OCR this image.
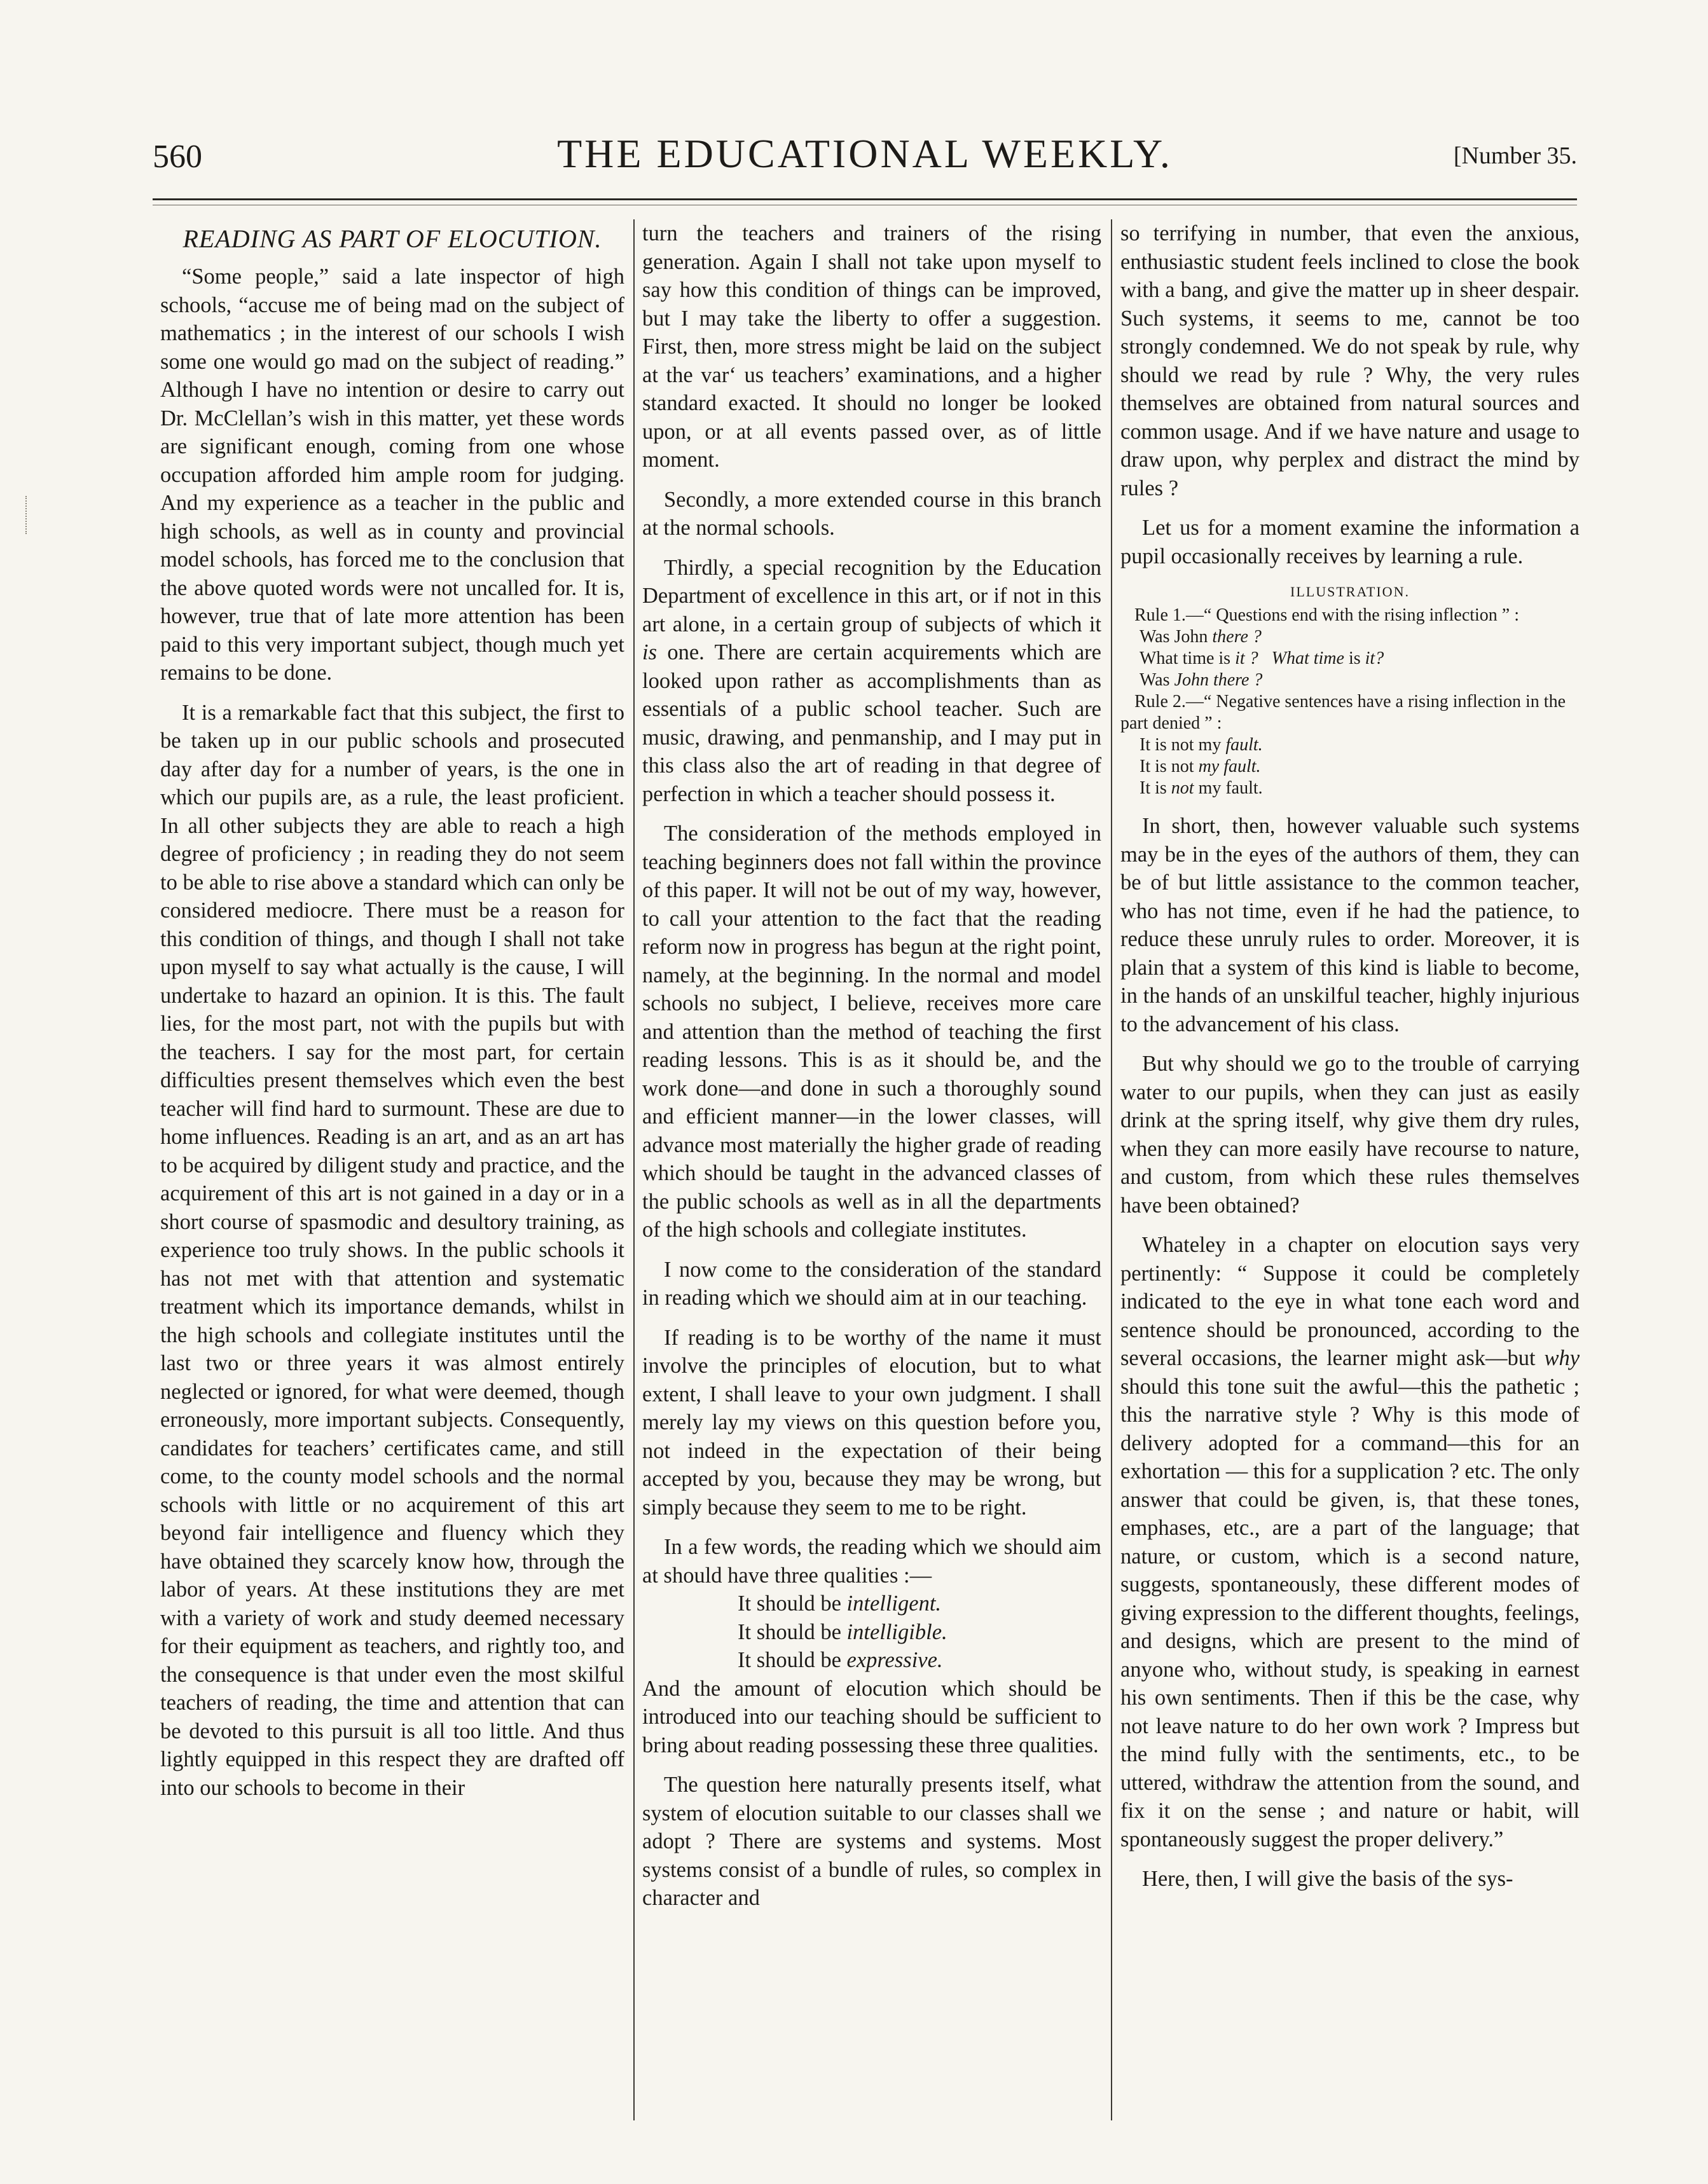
560	THE EDUCATIONAL WEEKLY.	[Number 35.
READING AS PART OF ELOCUTION.

“Some people,” said a late inspector of high schools, “accuse me of being mad on the subject of mathematics ; in the interest of our schools I wish some one would go mad on the subject of reading.” Although I have no intention or desire to carry out Dr. McClellan’s wish in this matter, yet these words are significant enough, coming from one whose occupation afforded him ample room for judging. And my experience as a teacher in the public and high schools, as well as in county and provincial model schools, has forced me to the conclusion that the above quoted words were not uncalled for. It is, however, true that of late more attention has been paid to this very important subject, though much yet remains to be done.

It is a remarkable fact that this subject, the first to be taken up in our public schools and prosecuted day after day for a number of years, is the one in which our pupils are, as a rule, the least proficient. In all other subjects they are able to reach a high degree of proficiency ; in reading they do not seem to be able to rise above a standard which can only be considered mediocre. There must be a reason for this condition of things, and though I shall not take upon myself to say what actually is the cause, I will undertake to hazard an opinion. It is this. The fault lies, for the most part, not with the pupils but with the teachers. I say for the most part, for certain difficulties present themselves which even the best teacher will find hard to surmount. These are due to home influences. Reading is an art, and as an art has to be acquired by diligent study and practice, and the acquirement of this art is not gained in a day or in a short course of spasmodic and desultory training, as experience too truly shows. In the public schools it has not met with that attention and systematic treatment which its importance demands, whilst in the high schools and collegiate institutes until the last two or three years it was almost entirely neglected or ignored, for what were deemed, though erroneously, more important subjects. Consequently, candidates for teachers’ certificates came, and still come, to the county model schools and the normal schools with little or no acquirement of this art beyond fair intelligence and fluency which they have obtained they scarcely know how, through the labor of years. At these institutions they are met with a variety of work and study deemed necessary for their equipment as teachers, and rightly too, and the consequence is that under even the most skilful teachers of reading, the time and attention that can be devoted to this pursuit is all too little. And thus lightly equipped in this respect they are drafted off into our schools to become in their

turn the teachers and trainers of the rising generation. Again I shall not take upon myself to say how this condition of things can be improved, but I may take the liberty to offer a suggestion. First, then, more stress might be laid on the subject at the var‘ us teachers’ examinations, and a higher standard exacted. It should no longer be looked upon, or at all events passed over, as of little moment.

Secondly, a more extended course in this branch at the normal schools.

Thirdly, a special recognition by the Education Department of excellence in this art, or if not in this art alone, in a certain group of subjects of which it is one. There are certain acquirements which are looked upon rather as accomplishments than as essentials of a public school teacher. Such are music, drawing, and penmanship, and I may put in this class also the art of reading in that degree of perfection in which a teacher should possess it.

The consideration of the methods employed in teaching beginners does not fall within the province of this paper. It will not be out of my way, however, to call your attention to the fact that the reading reform now in progress has begun at the right point, namely, at the beginning. In the normal and model schools no subject, I believe, receives more care and attention than the method of teaching the first reading lessons. This is as it should be, and the work done—and done in such a thoroughly sound and efficient manner—in the lower classes, will advance most materially the higher grade of reading which should be taught in the advanced classes of the public schools as well as in all the departments of the high schools and collegiate institutes.

I now come to the consideration of the standard in reading which we should aim at in our teaching.

If reading is to be worthy of the name it must involve the principles of elocution, but to what extent, I shall leave to your own judgment. I shall merely lay my views on this question before you, not indeed in the expectation of their being accepted by you, because they may be wrong, but simply because they seem to me to be right.

In a few words, the reading which we should aim at should have three qualities :—

It should be intelligent.
It should be intelligible.
It should be expressive.

And the amount of elocution which should be introduced into our teaching should be sufficient to bring about reading possessing these three qualities.

The question here naturally presents itself, what system of elocution suitable to our classes shall we adopt ? There are systems and systems. Most systems consist of a bundle of rules, so complex in character and

so terrifying in number, that even the anxious, enthusiastic student feels inclined to close the book with a bang, and give the matter up in sheer despair. Such systems, it seems to me, cannot be too strongly condemned. We do not speak by rule, why should we read by rule ? Why, the very rules themselves are obtained from natural sources and common usage. And if we have nature and usage to draw upon, why perplex and distract the mind by rules ?

Let us for a moment examine the information a pupil occasionally receives by learning a rule.

ILLUSTRATION.
Rule 1.—“ Questions end with the rising inflection ” :
Was John there ?
What time is it ? What time is it?
Was John there ?
Rule 2.—“ Negative sentences have a rising inflection in the part denied ” :
It is not my fault.
It is not my fault.
It is not my fault.

In short, then, however valuable such systems may be in the eyes of the authors of them, they can be of but little assistance to the common teacher, who has not time, even if he had the patience, to reduce these unruly rules to order. Moreover, it is plain that a system of this kind is liable to become, in the hands of an unskilful teacher, highly injurious to the advancement of his class.

But why should we go to the trouble of carrying water to our pupils, when they can just as easily drink at the spring itself, why give them dry rules, when they can more easily have recourse to nature, and custom, from which these rules themselves have been obtained?

Whateley in a chapter on elocution says very pertinently: “ Suppose it could be completely indicated to the eye in what tone each word and sentence should be pronounced, according to the several occasions, the learner might ask—but why should this tone suit the awful—this the pathetic ; this the narrative style ? Why is this mode of delivery adopted for a command—this for an exhortation — this for a supplication ? etc. The only answer that could be given, is, that these tones, emphases, etc., are a part of the language; that nature, or custom, which is a second nature, suggests, spontaneously, these different modes of giving expression to the different thoughts, feelings, and designs, which are present to the mind of anyone who, without study, is speaking in earnest his own sentiments. Then if this be the case, why not leave nature to do her own work ? Impress but the mind fully with the sentiments, etc., to be uttered, withdraw the attention from the sound, and fix it on the sense ; and nature or habit, will spontaneously suggest the proper delivery.”

Here, then, I will give the basis of the sys-
